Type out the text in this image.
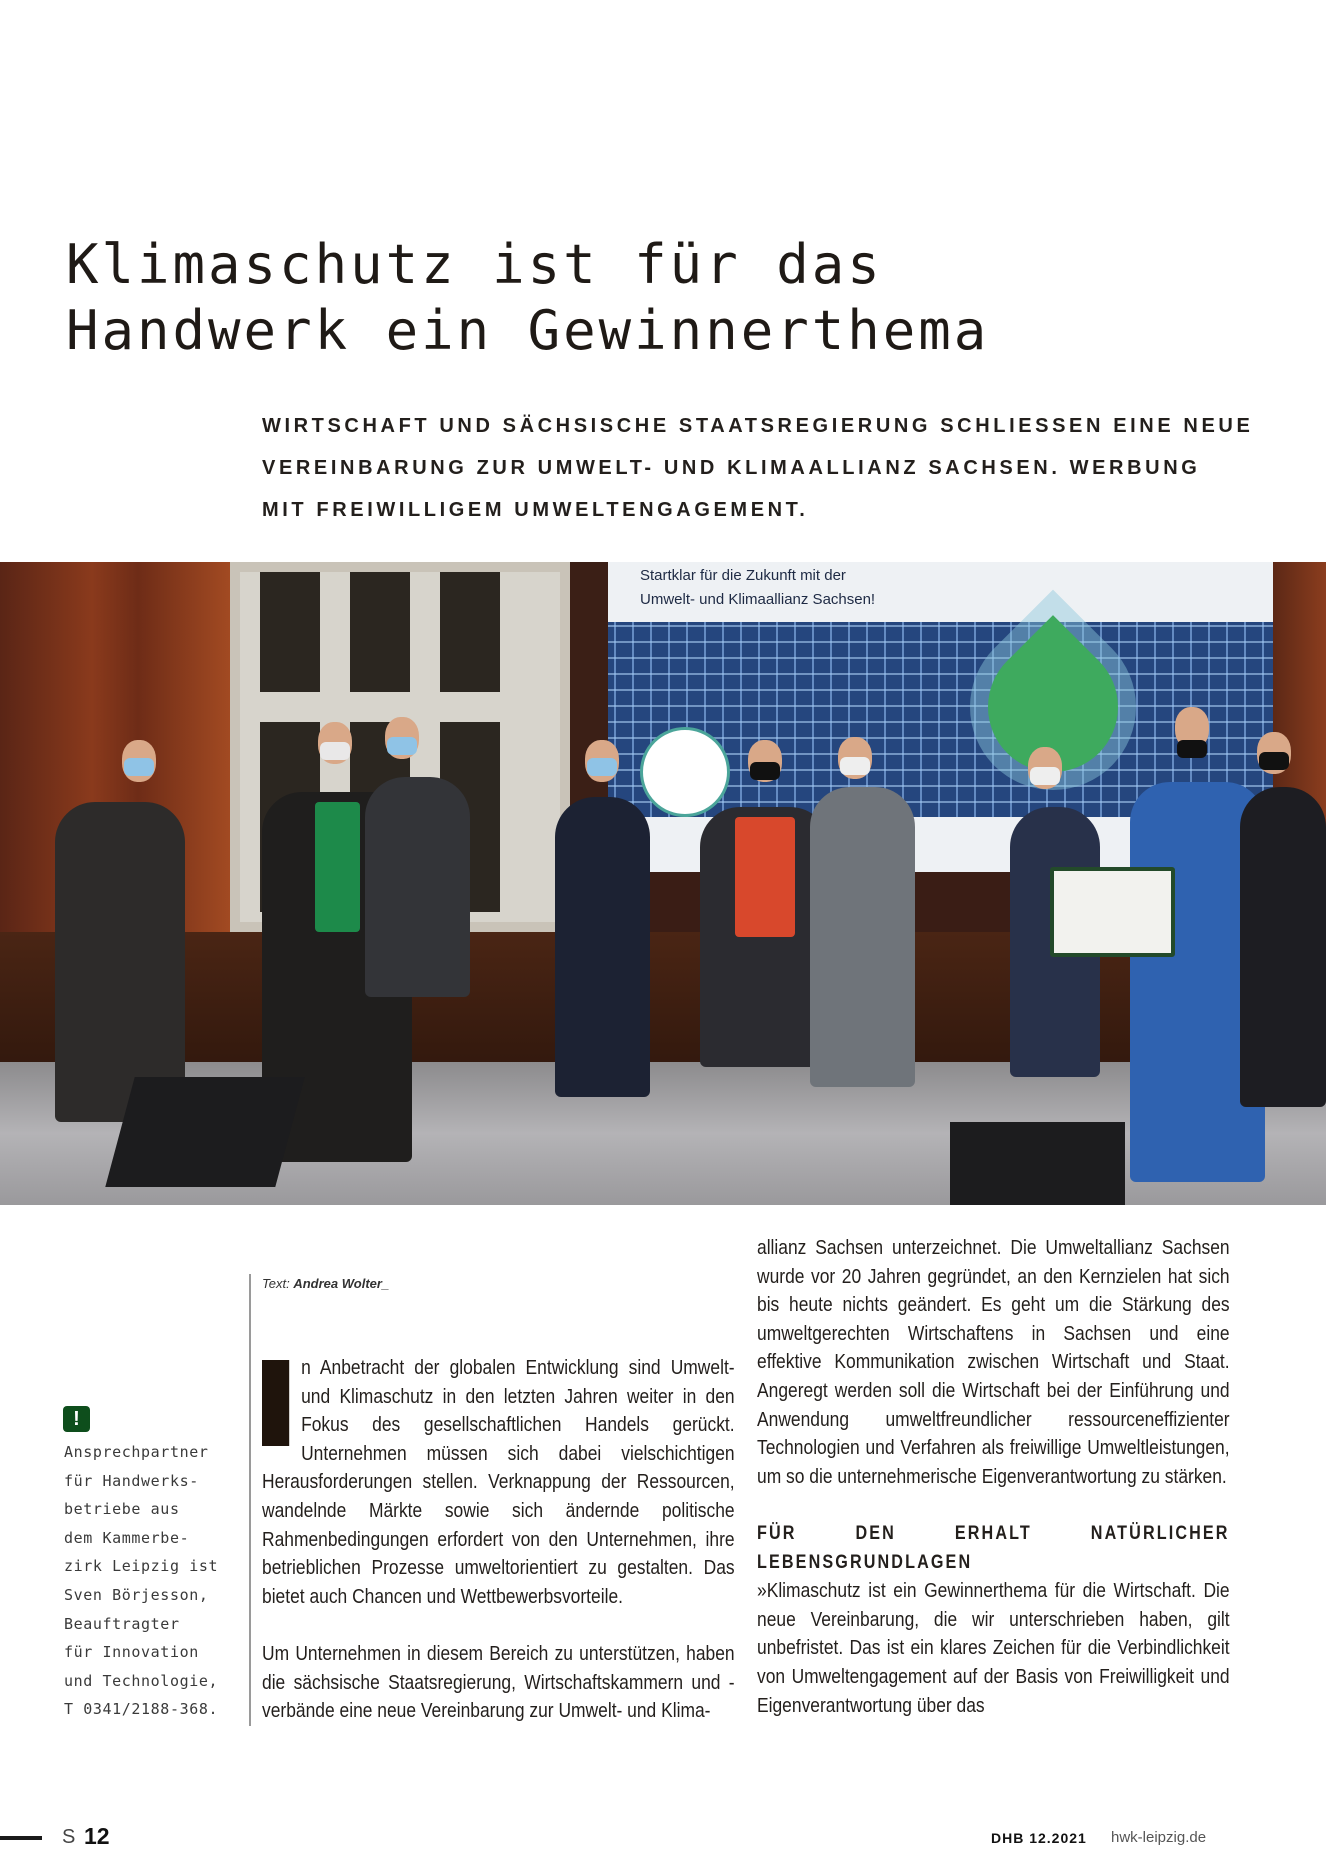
Klimaschutz ist für das
Handwerk ein Gewinnerthema
WIRTSCHAFT UND SÄCHSISCHE STAATSREGIERUNG SCHLIESSEN EINE NEUE
VEREINBARUNG ZUR UMWELT- UND KLIMAALLIANZ SACHSEN. WERBUNG
MIT FREIWILLIGEM UMWELTENGAGEMENT.
Startklar für die Zukunft mit der
Umwelt- und Klimaallianz Sachsen!
Text: Andrea Wolter_

n Anbetracht der globalen Entwicklung sind Umwelt- und Klimaschutz in den letzten Jahren weiter in den Fokus des gesellschaftlichen Handels gerückt. Unternehmen müssen sich dabei vielschichtigen Herausforderungen stellen. Verknappung der Ressourcen, wandelnde Märkte sowie sich ändernde politische Rahmenbedingungen erfordert von den Unternehmen, ihre betrieblichen Prozesse umweltorientiert zu gestalten. Das bietet auch Chancen und Wettbewerbsvorteile.

Um Unternehmen in diesem Bereich zu unterstützen, haben die sächsische Staatsregierung, Wirtschaftskammern und -verbände eine neue Vereinbarung zur Umwelt- und Klima-

allianz Sachsen unterzeichnet. Die Umweltallianz Sachsen wurde vor 20 Jahren gegründet, an den Kernzielen hat sich bis heute nichts geändert. Es geht um die Stärkung des umweltgerechten Wirtschaftens in Sachsen und eine effektive Kommunikation zwischen Wirtschaft und Staat. Angeregt werden soll die Wirtschaft bei der Einführung und Anwendung umweltfreundlicher ressourceneffizienter Technologien und Verfahren als freiwillige Umweltleistungen, um so die unternehmerische Eigenverantwortung zu stärken.

FÜR DEN ERHALT NATÜRLICHER LEBENSGRUNDLAGEN

»Klimaschutz ist ein Gewinnerthema für die Wirtschaft. Die neue Vereinbarung, die wir unterschrieben haben, gilt unbefristet. Das ist ein klares Zeichen für die Verbindlichkeit von Umweltengagement auf der Basis von Freiwilligkeit und Eigenverantwortung über das

!
Ansprechpartner
für Handwerks-
betriebe aus
dem Kammerbe-
zirk Leipzig ist
Sven Börjesson,
Beauftragter
für Innovation
und Technologie,
T 0341/2188-368.
S 12	DHB 12.2021 hwk-leipzig.de
